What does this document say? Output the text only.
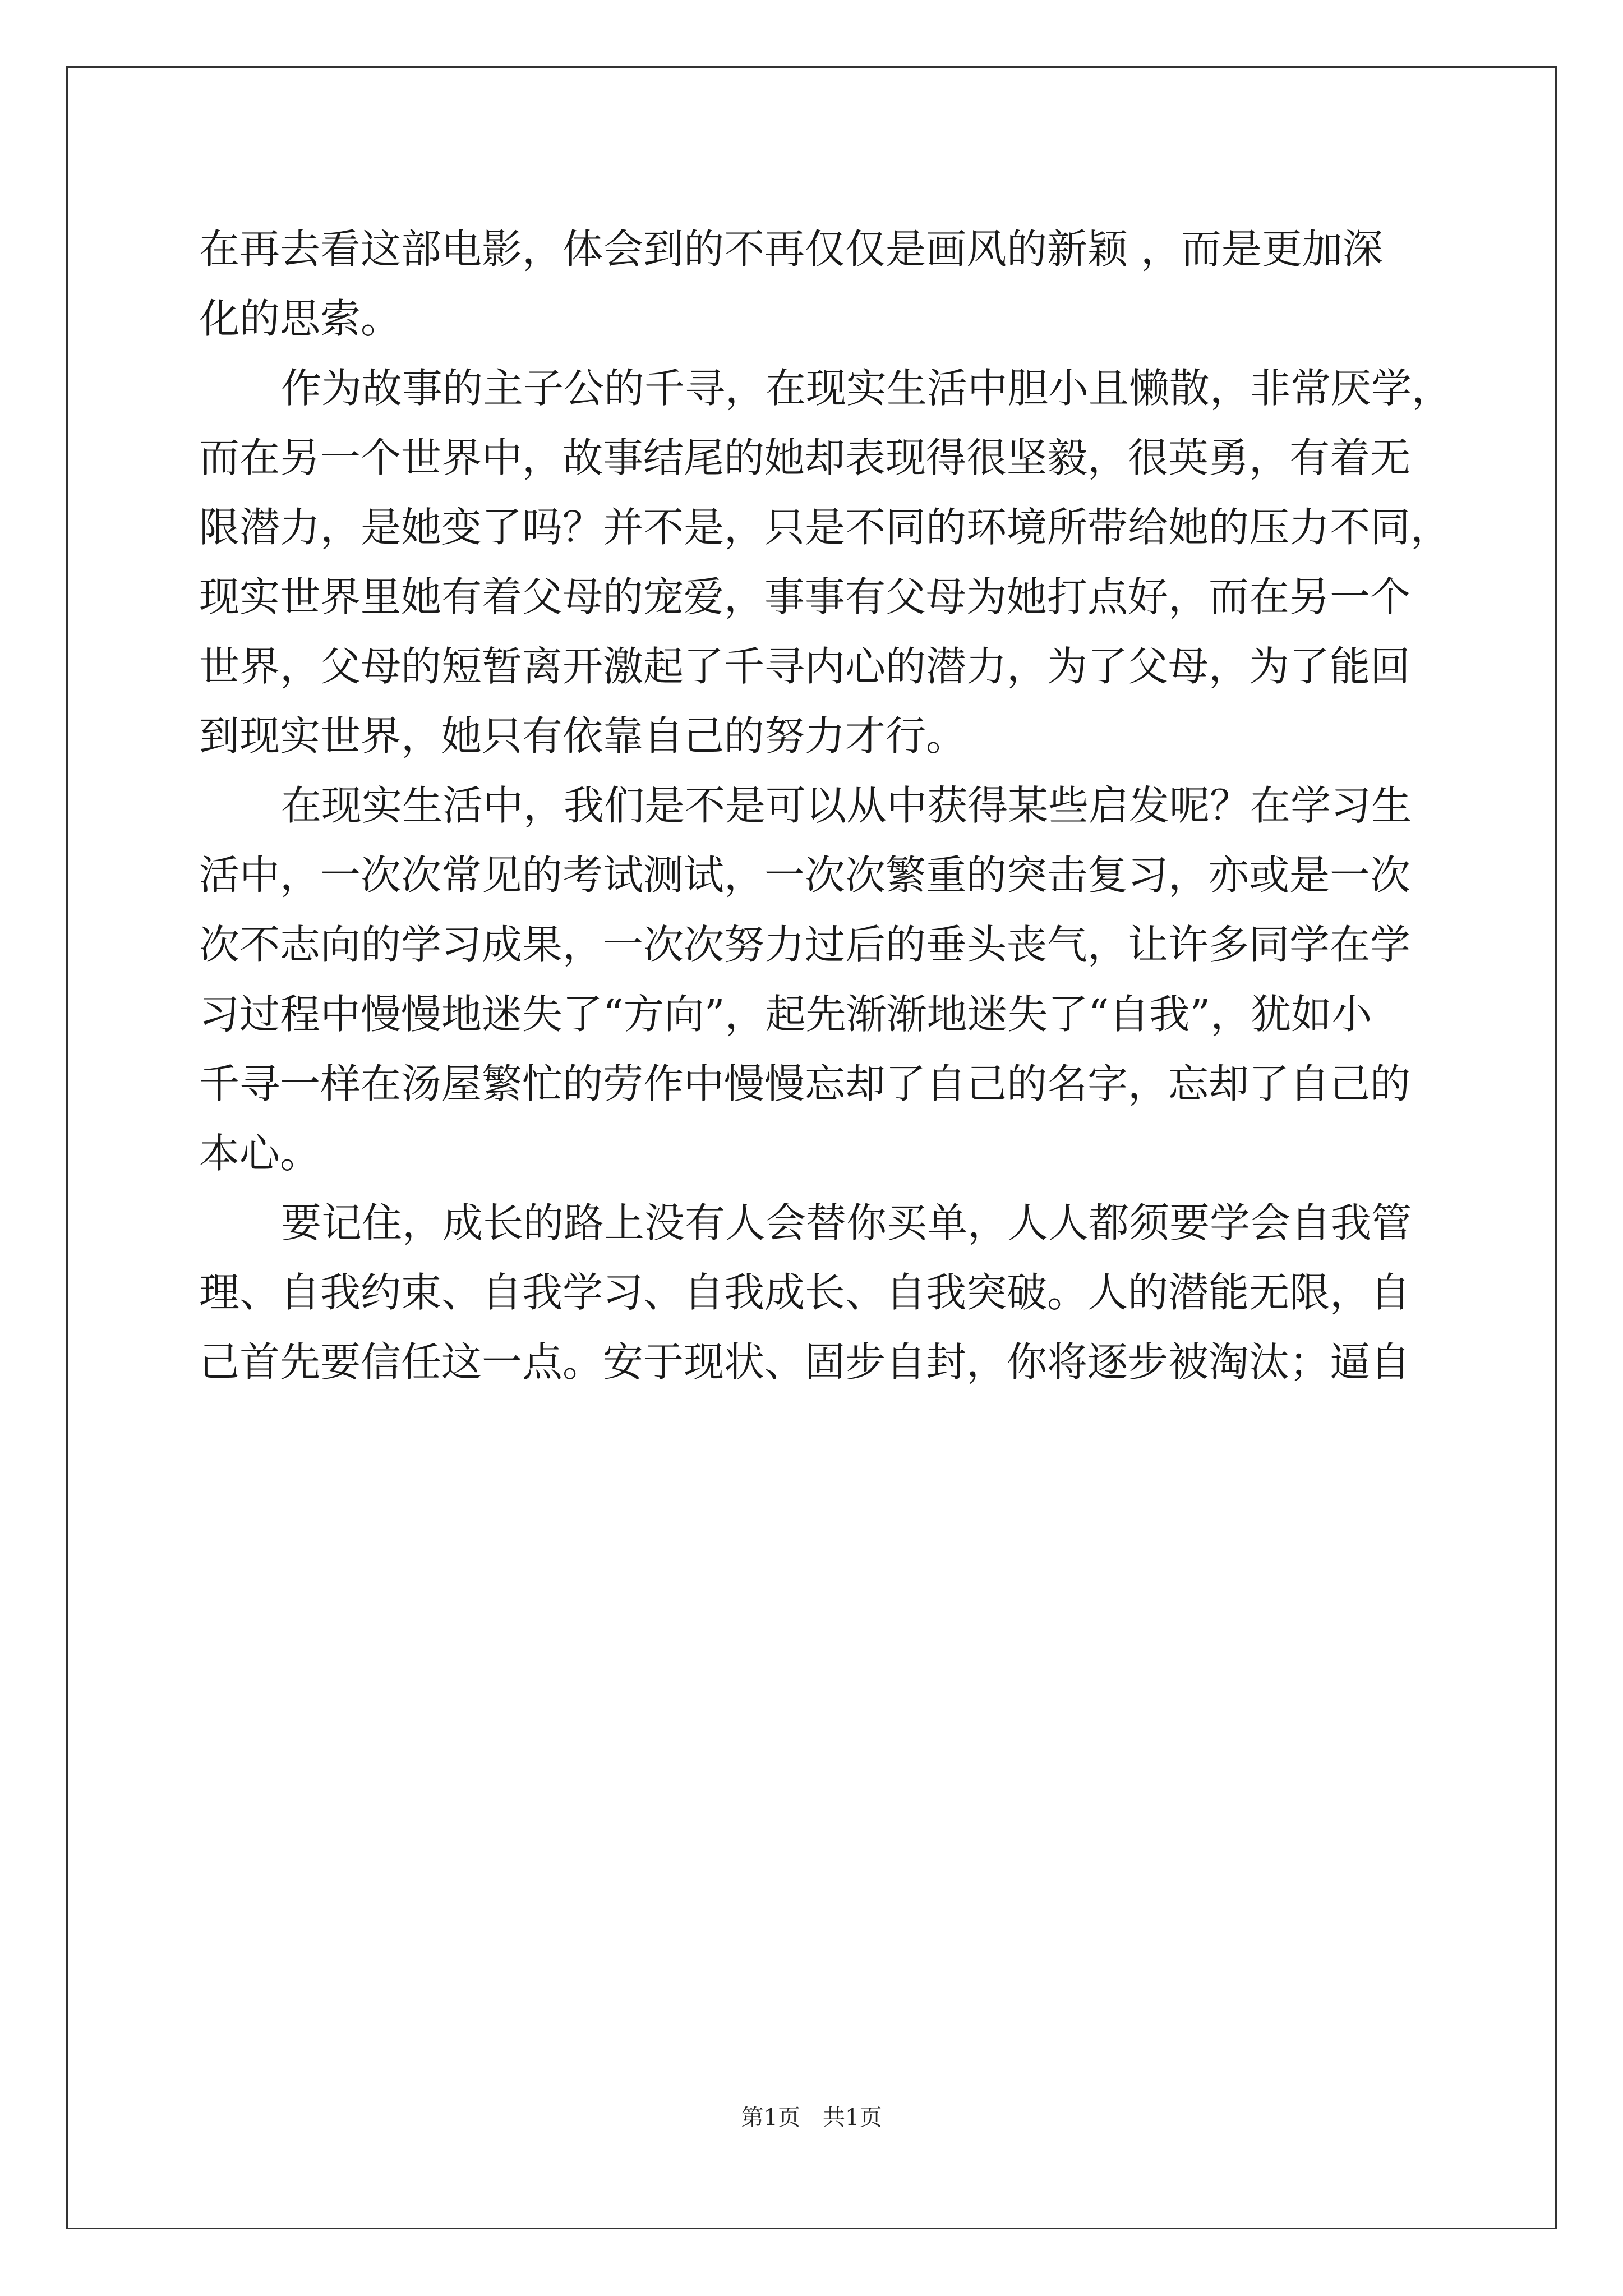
在再去看这部电影，体会到的不再仅仅是画风的新颖 ，而是更加深

化的思索。

作为故事的主子公的千寻，在现实生活中胆小且懒散，非常厌学，

而在另一个世界中，故事结尾的她却表现得很坚毅，很英勇，有着无

限潜力，是她变了吗？并不是，只是不同的环境所带给她的压力不同，

现实世界里她有着父母的宠爱，事事有父母为她打点好，而在另一个

世界，父母的短暂离开激起了千寻内心的潜力，为了父母，为了能回

到现实世界，她只有依靠自己的努力才行。

在现实生活中，我们是不是可以从中获得某些启发呢？在学习生

活中，一次次常见的考试测试，一次次繁重的突击复习，亦或是一次

次不志向的学习成果，一次次努力过后的垂头丧气，让许多同学在学

习过程中慢慢地迷失了“方向”，起先渐渐地迷失了“自我”，犹如小

千寻一样在汤屋繁忙的劳作中慢慢忘却了自己的名字，忘却了自己的

本心。

要记住，成长的路上没有人会替你买单，人人都须要学会自我管

理、自我约束、自我学习、自我成长、自我突破。人的潜能无限，自

己首先要信任这一点。安于现状、固步自封，你将逐步被淘汰；逼自

第1页　共1页
